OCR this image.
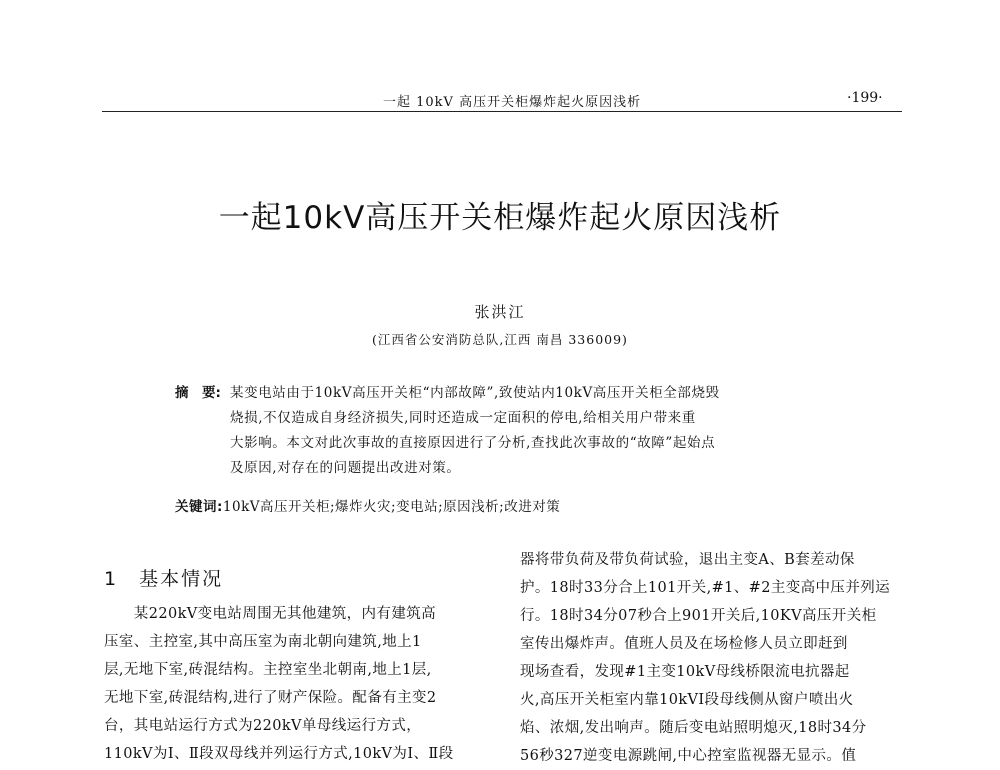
一起 10kV 高压开关柜爆炸起火原因浅析	·199·
一起10kV高压开关柜爆炸起火原因浅析
张洪江
(江西省公安消防总队,江西 南昌 336009)
摘　要: 某变电站由于10kV高压开关柜“内部故障”,致使站内10kV高压开关柜全部烧毁
烧损,不仅造成自身经济损失,同时还造成一定面积的停电,给相关用户带来重
大影响。本文对此次事故的直接原因进行了分析,查找此次事故的“故障”起始点
及原因,对存在的问题提出改进对策。
关键词:10kV高压开关柜;爆炸火灾;变电站;原因浅析;改进对策
1　基本情况
　　某220kV变电站周围无其他建筑，内有建筑高
压室、主控室,其中高压室为南北朝向建筑,地上1
层,无地下室,砖混结构。主控室坐北朝南,地上1层,
无地下室,砖混结构,进行了财产保险。配备有主变2
台，其电站运行方式为220kV单母线运行方式，
110kV为Ⅰ、Ⅱ段双母线并列运行方式,10kV为Ⅰ、Ⅱ段
器将带负荷及带负荷试验，退出主变A、B套差动保
护。18时33分合上101开关,#1、#2主变高中压并列运
行。18时34分07秒合上901开关后,10KV高压开关柜
室传出爆炸声。值班人员及在场检修人员立即赶到
现场查看，发现#1主变10kV母线桥限流电抗器起
火,高压开关柜室内靠10kVⅠ段母线侧从窗户喷出火
焰、浓烟,发出响声。随后变电站照明熄灭,18时34分
56秒327逆变电源跳闸,中心控室监视器无显示。值
